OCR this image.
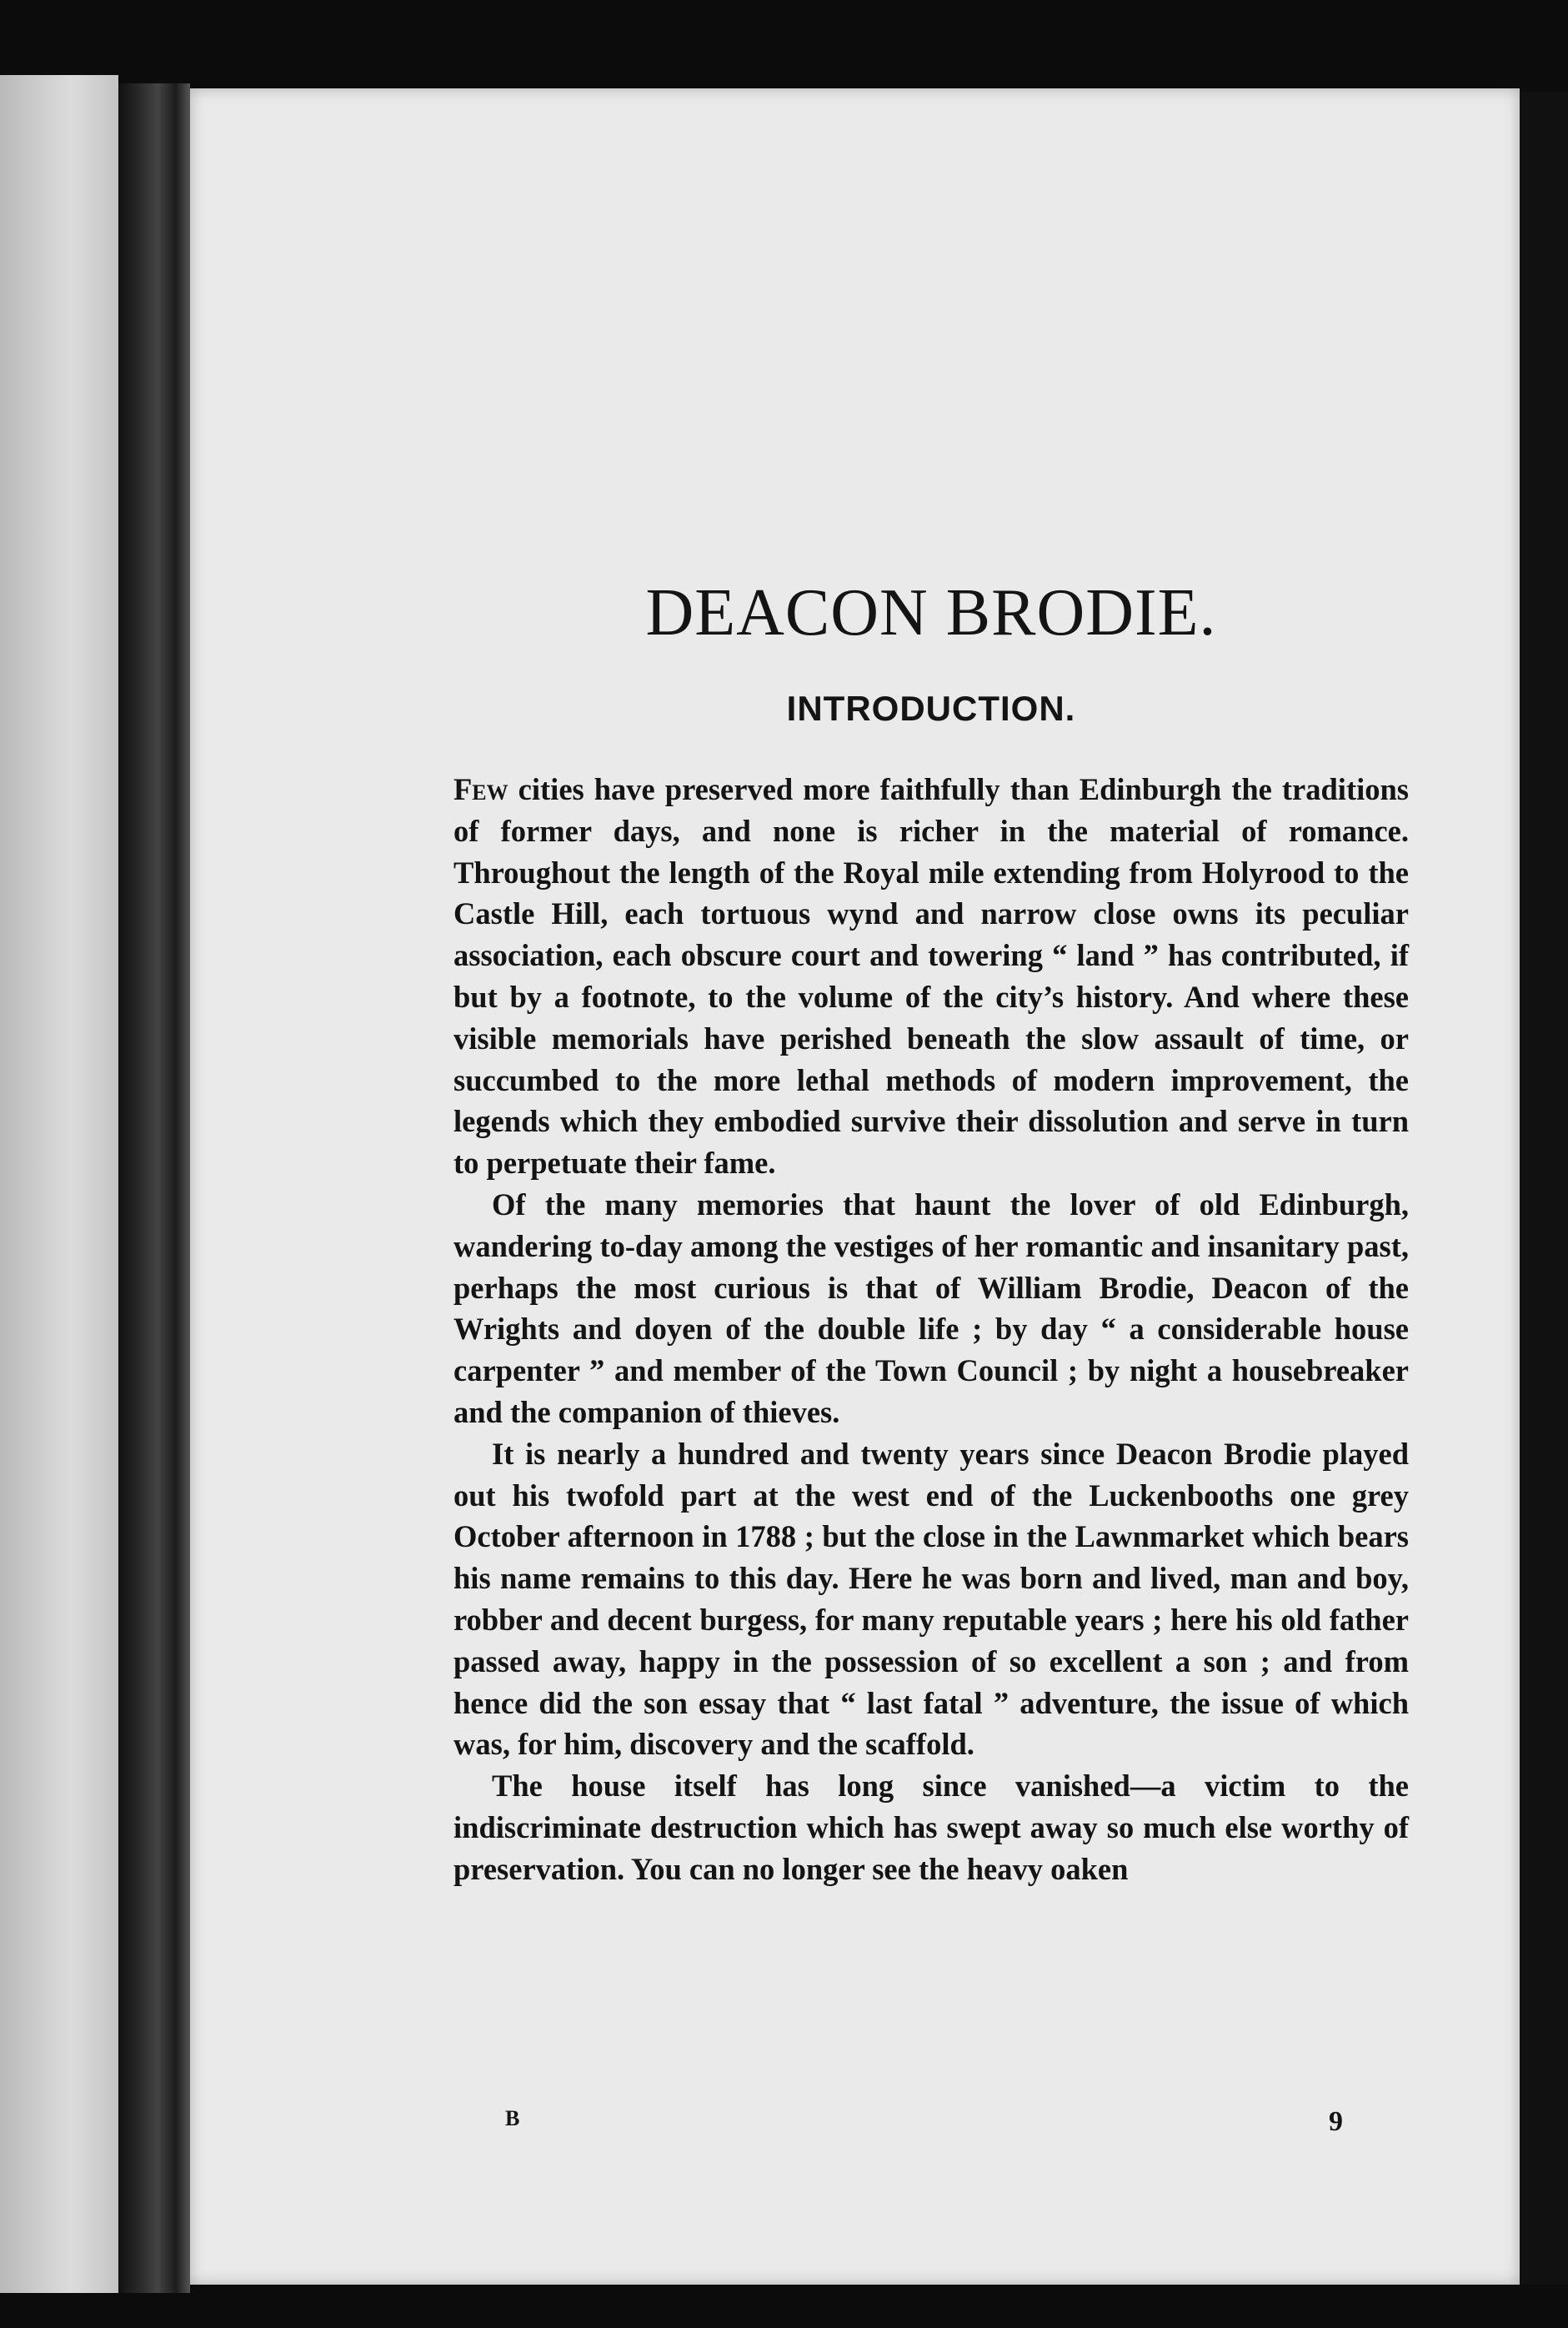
DEACON BRODIE.
INTRODUCTION.

Few cities have preserved more faithfully than Edinburgh the traditions of former days, and none is richer in the material of romance. Throughout the length of the Royal mile extending from Holyrood to the Castle Hill, each tortuous wynd and narrow close owns its peculiar association, each obscure court and towering “ land ” has contributed, if but by a footnote, to the volume of the city’s history. And where these visible memorials have perished beneath the slow assault of time, or succumbed to the more lethal methods of modern improvement, the legends which they embodied survive their dissolution and serve in turn to perpetuate their fame.

Of the many memories that haunt the lover of old Edinburgh, wandering to-day among the vestiges of her romantic and insanitary past, perhaps the most curious is that of William Brodie, Deacon of the Wrights and doyen of the double life ; by day “ a considerable house carpenter ” and member of the Town Council ; by night a housebreaker and the companion of thieves.

It is nearly a hundred and twenty years since Deacon Brodie played out his twofold part at the west end of the Luckenbooths one grey October afternoon in 1788 ; but the close in the Lawnmarket which bears his name remains to this day. Here he was born and lived, man and boy, robber and decent burgess, for many reputable years ; here his old father passed away, happy in the possession of so excellent a son ; and from hence did the son essay that “ last fatal ” adventure, the issue of which was, for him, discovery and the scaffold.

The house itself has long since vanished—a victim to the indiscriminate destruction which has swept away so much else worthy of preservation. You can no longer see the heavy oaken

B	9
